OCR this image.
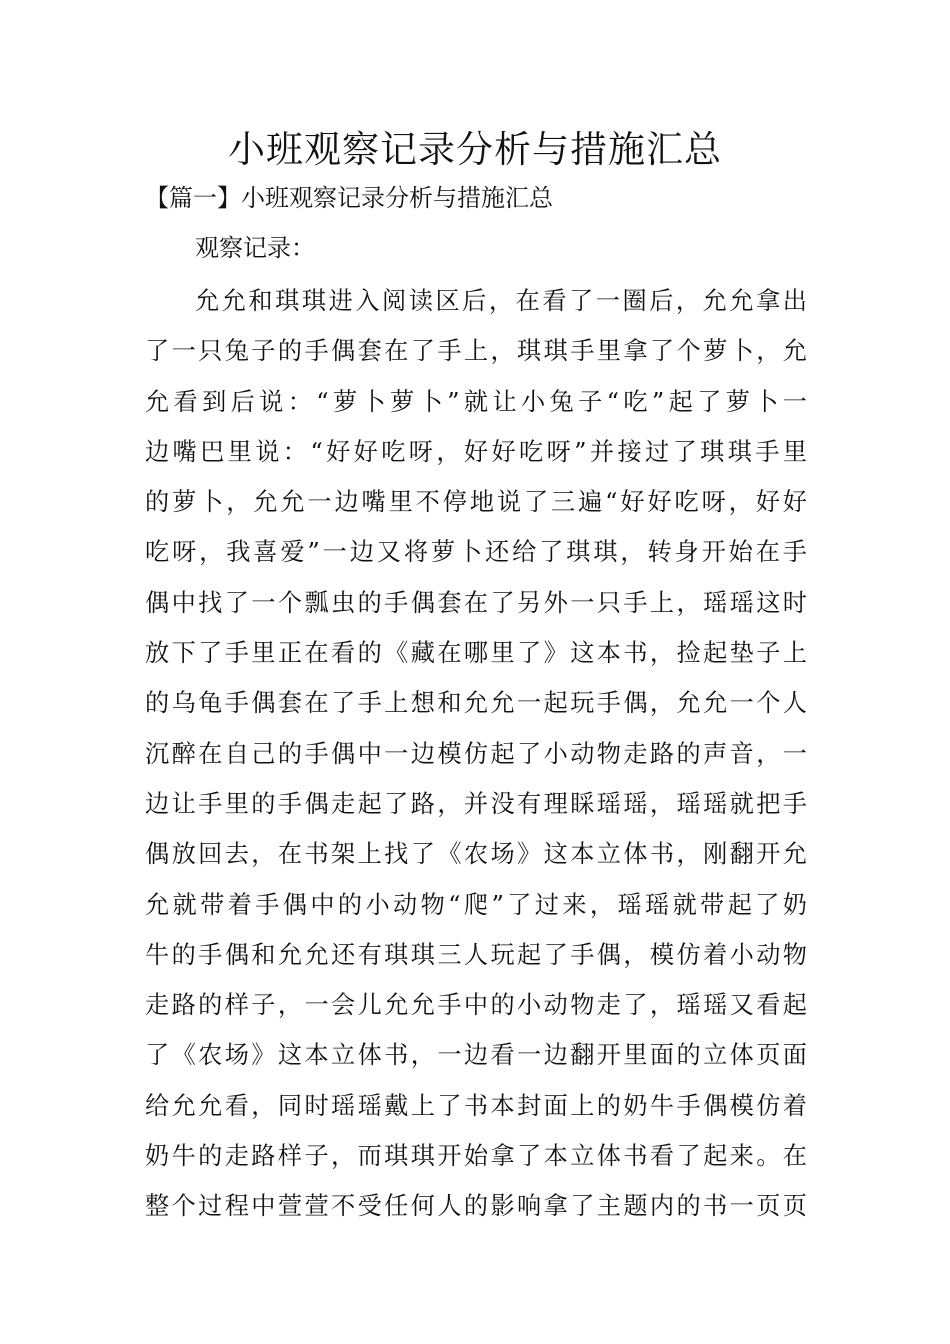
小班观察记录分析与措施汇总

【篇一】小班观察记录分析与措施汇总

观察记录：

允允和琪琪进入阅读区后，在看了一圈后，允允拿出
了一只兔子的手偶套在了手上，琪琪手里拿了个萝卜，允
允看到后说：“萝卜萝卜”就让小兔子“吃”起了萝卜一
边嘴巴里说：“好好吃呀，好好吃呀”并接过了琪琪手里
的萝卜，允允一边嘴里不停地说了三遍“好好吃呀，好好
吃呀，我喜爱”一边又将萝卜还给了琪琪，转身开始在手
偶中找了一个瓢虫的手偶套在了另外一只手上，瑶瑶这时
放下了手里正在看的《藏在哪里了》这本书，捡起垫子上
的乌龟手偶套在了手上想和允允一起玩手偶，允允一个人
沉醉在自己的手偶中一边模仿起了小动物走路的声音，一
边让手里的手偶走起了路，并没有理睬瑶瑶，瑶瑶就把手
偶放回去，在书架上找了《农场》这本立体书，刚翻开允
允就带着手偶中的小动物“爬”了过来，瑶瑶就带起了奶
牛的手偶和允允还有琪琪三人玩起了手偶，模仿着小动物
走路的样子，一会儿允允手中的小动物走了，瑶瑶又看起
了《农场》这本立体书，一边看一边翻开里面的立体页面
给允允看，同时瑶瑶戴上了书本封面上的奶牛手偶模仿着
奶牛的走路样子，而琪琪开始拿了本立体书看了起来。在
整个过程中萱萱不受任何人的影响拿了主题内的书一页页
